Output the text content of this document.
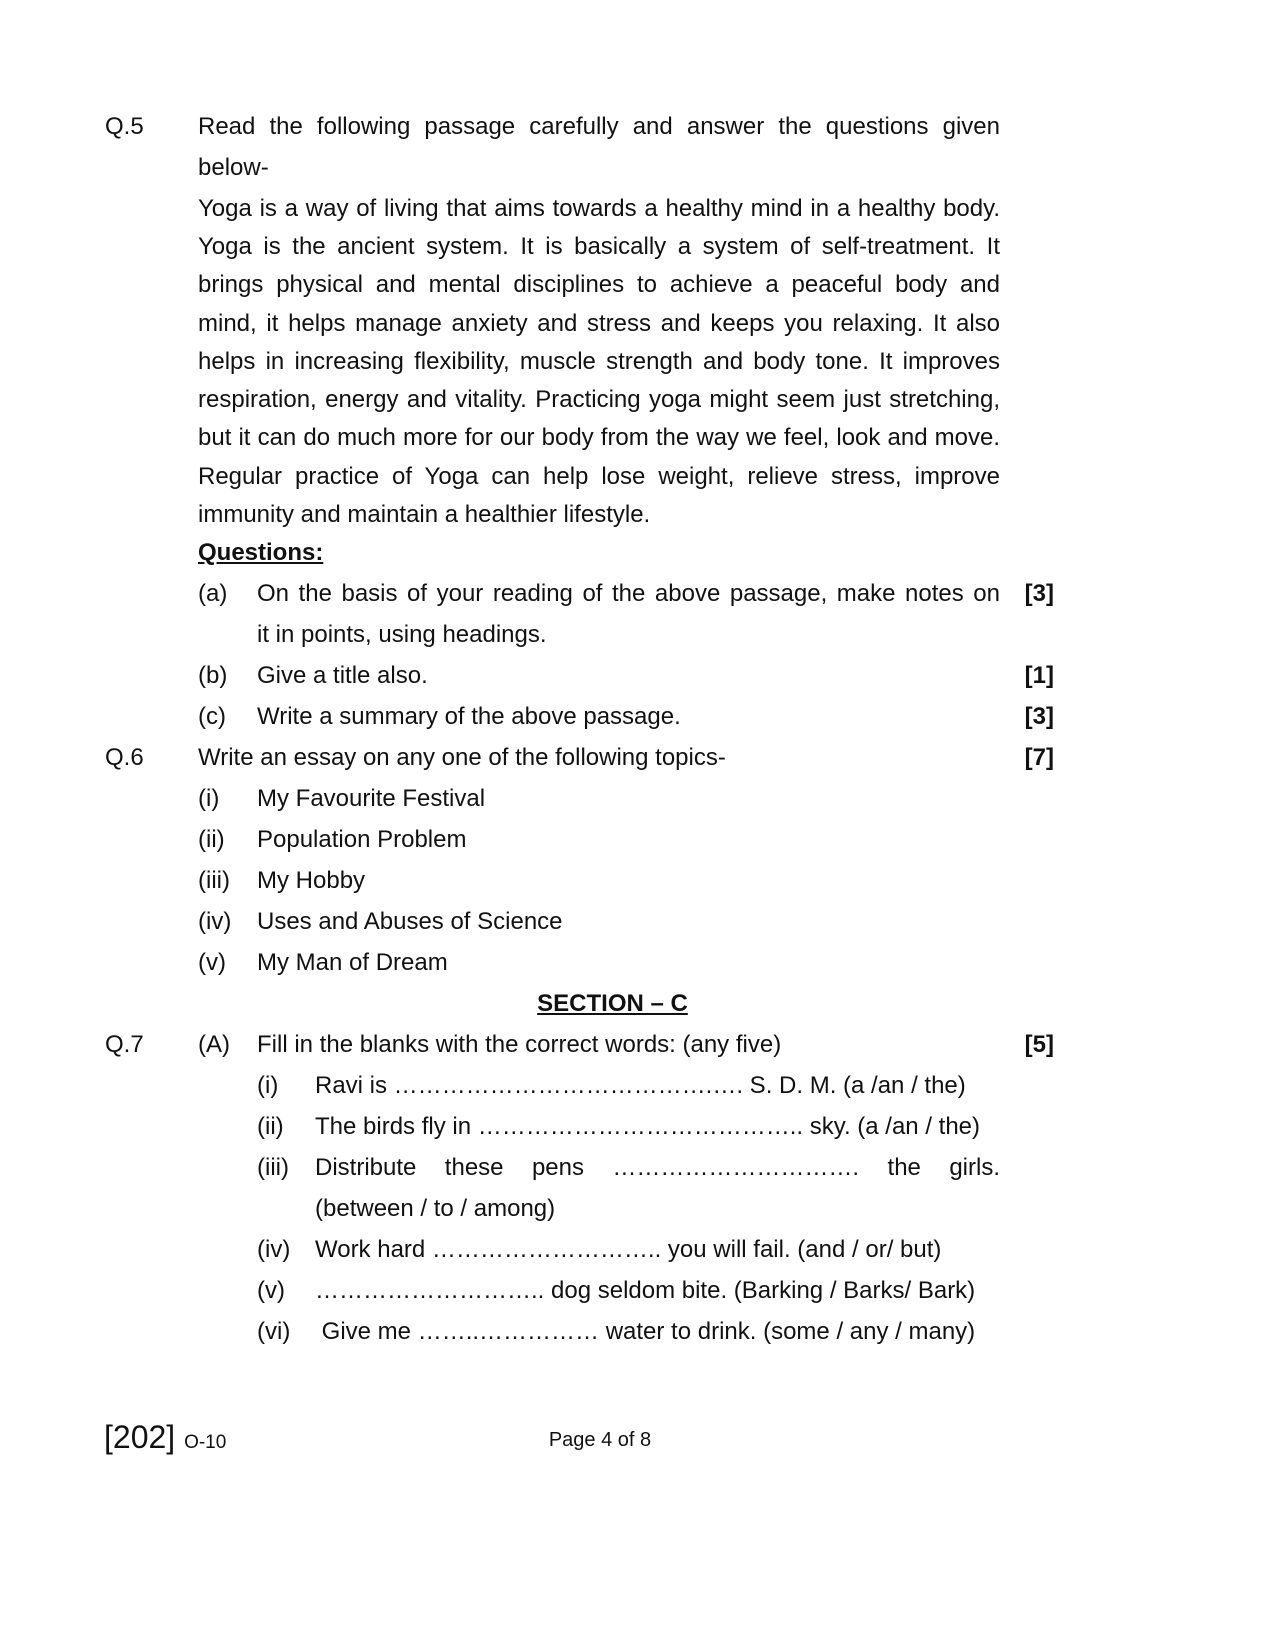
Q.5 Read the following passage carefully and answer the questions given
below-
Yoga is a way of living that aims towards a healthy mind in a healthy body.
Yoga is the ancient system. It is basically a system of self-treatment. It
brings physical and mental disciplines to achieve a peaceful body and
mind, it helps manage anxiety and stress and keeps you relaxing. It also
helps in increasing flexibility, muscle strength and body tone. It improves
respiration, energy and vitality. Practicing yoga might seem just stretching,
but it can do much more for our body from the way we feel, look and move.
Regular practice of Yoga can help lose weight, relieve stress, improve
immunity and maintain a healthier lifestyle.
Questions:
(a) On the basis of your reading of the above passage, make notes on [3]
it in points, using headings.
(b) Give a title also.	[1]
(c) Write a summary of the above passage.	[3]
Q.6 Write an essay on any one of the following topics-	[7]
(i) My Favourite Festival
(ii) Population Problem
(iii) My Hobby
(iv) Uses and Abuses of Science
(v) My Man of Dream
SECTION – C
Q.7 (A) Fill in the blanks with the correct words: (any five)	[5]
(i) Ravi is ………………………………….…. S. D. M. (a /an / the)
(ii) The birds fly in ………………………………….. sky. (a /an / the)
(iii) Distribute these pens …………………………. the girls.
(between / to / among)
(iv) Work hard ……………………….. you will fail. (and / or/ but)
(v) ……………………….. dog seldom bite. (Barking / Barks/ Bark)
(vi) Give me ……..…………… water to drink. (some / any / many)
[202] O-10	Page 4 of 8
